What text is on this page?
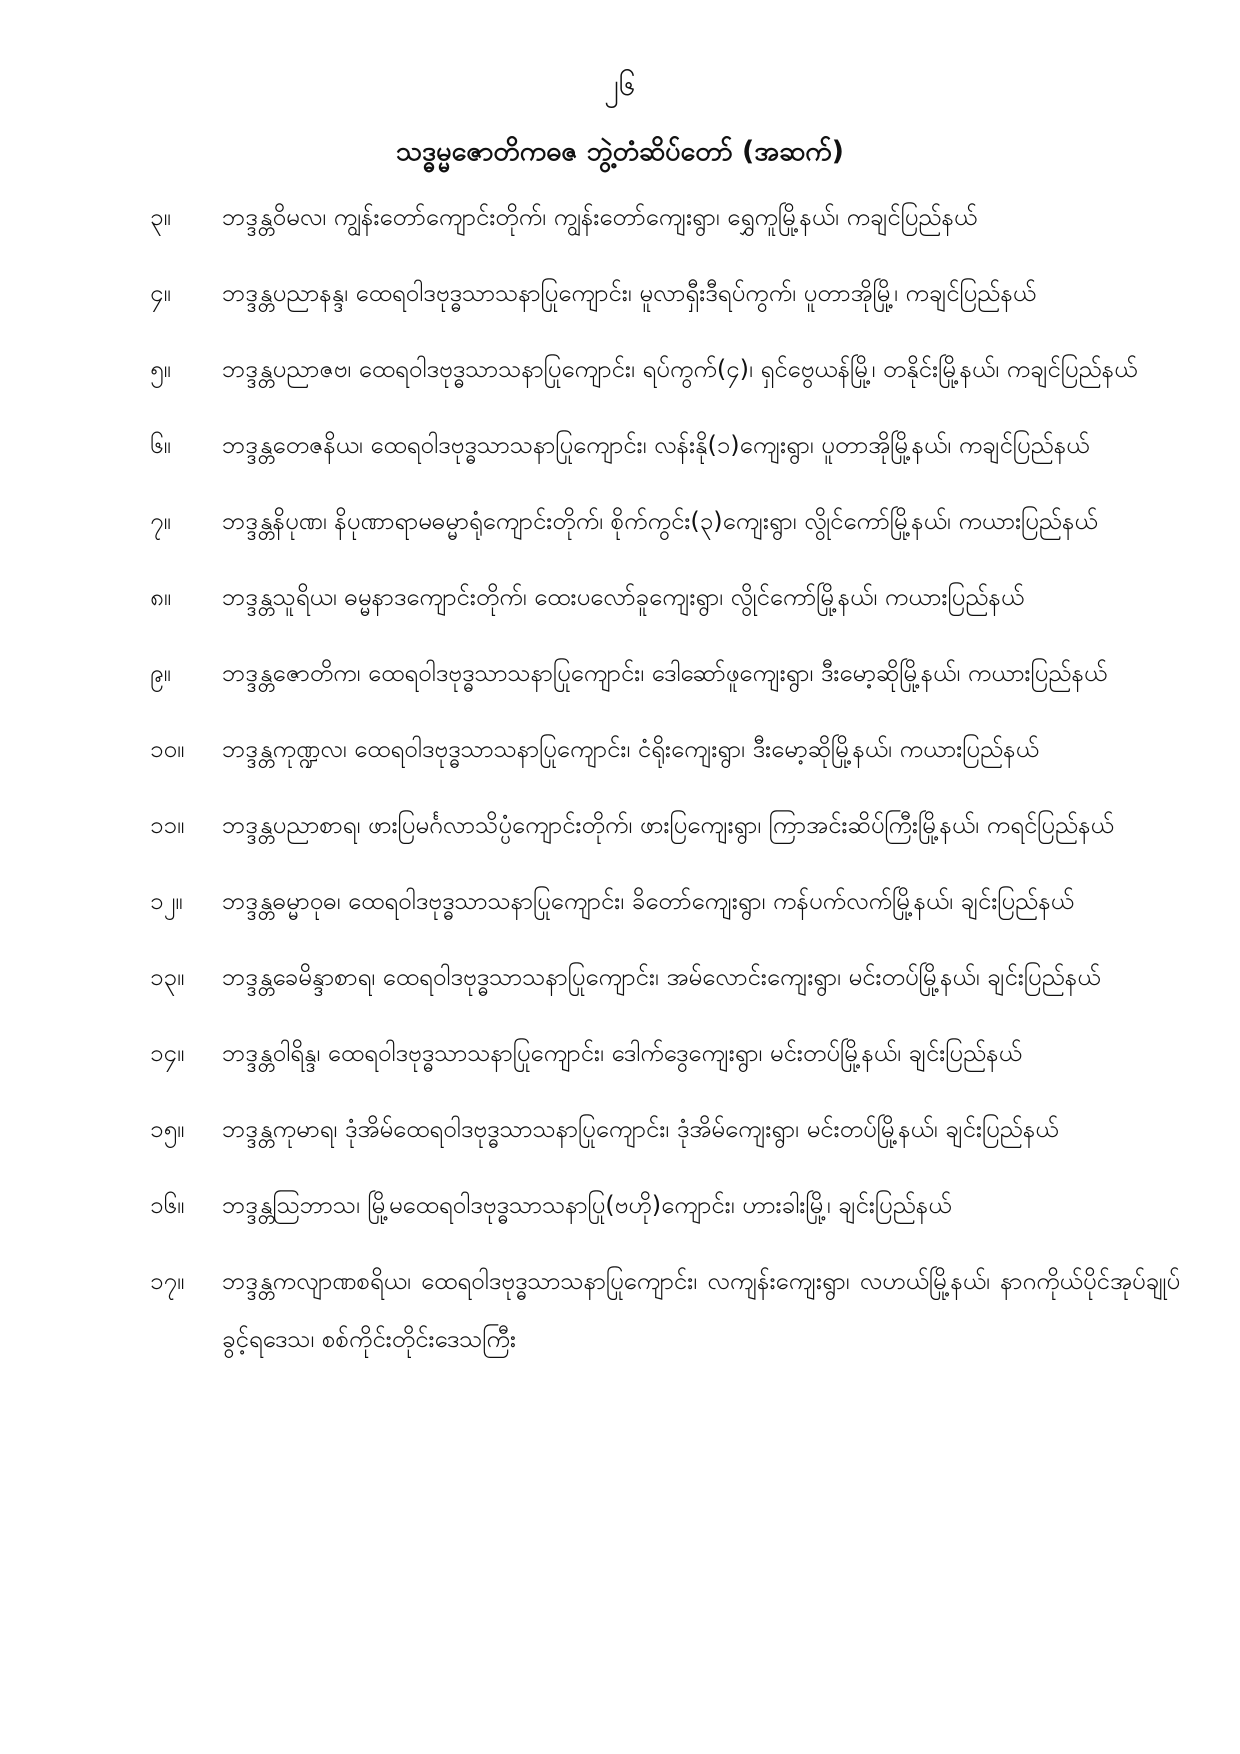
၂၆
သဒ္ဓမ္မဇောတိကဓဇ ဘွဲ့တံဆိပ်တော် (အဆက်)
၃။	ဘဒ္ဒန္တဝိမလ၊ ကျွန်းတော်ကျောင်းတိုက်၊ ကျွန်းတော်ကျေးရွာ၊ ရွှေကူမြို့နယ်၊ ကချင်ပြည်နယ်
၄။	ဘဒ္ဒန္တပညာနန္ဒ၊ ထေရဝါဒဗုဒ္ဓသာသနာပြုကျောင်း၊ မူလာရှီးဒီရပ်ကွက်၊ ပူတာအိုမြို့၊ ကချင်ပြည်နယ်
၅။	ဘဒ္ဒန္တပညာဇဗ၊ ထေရဝါဒဗုဒ္ဓသာသနာပြုကျောင်း၊ ရပ်ကွက်(၄)၊ ရှင်ဗွေယန်မြို့၊ တနိုင်းမြို့နယ်၊ ကချင်ပြည်နယ်
၆။	ဘဒ္ဒန္တတေဇနိယ၊ ထေရဝါဒဗုဒ္ဓသာသနာပြုကျောင်း၊ လန်းနို(၁)ကျေးရွာ၊ ပူတာအိုမြို့နယ်၊ ကချင်ပြည်နယ်
၇။	ဘဒ္ဒန္တနိပုဏ၊ နိပုဏာရာမဓမ္မာရုံကျောင်းတိုက်၊ စိုက်ကွင်း(၃)ကျေးရွာ၊ လွိုင်ကော်မြို့နယ်၊ ကယားပြည်နယ်
၈။	ဘဒ္ဒန္တသူရိယ၊ ဓမ္မနာဒကျောင်းတိုက်၊ ထေးပလော်ခူကျေးရွာ၊ လွိုင်ကော်မြို့နယ်၊ ကယားပြည်နယ်
၉။	ဘဒ္ဒန္တဇောတိက၊ ထေရဝါဒဗုဒ္ဓသာသနာပြုကျောင်း၊ ဒေါဆော်ဖူကျေးရွာ၊ ဒီးမော့ဆိုမြို့နယ်၊ ကယားပြည်နယ်
၁၀။	ဘဒ္ဒန္တကုဏ္ဍလ၊ ထေရဝါဒဗုဒ္ဓသာသနာပြုကျောင်း၊ ငံရိုးကျေးရွာ၊ ဒီးမော့ဆိုမြို့နယ်၊ ကယားပြည်နယ်
၁၁။	ဘဒ္ဒန္တပညာစာရ၊ ဖားပြမင်္ဂလာသိပ္ပံကျောင်းတိုက်၊ ဖားပြကျေးရွာ၊ ကြာအင်းဆိပ်ကြီးမြို့နယ်၊ ကရင်ပြည်နယ်
၁၂။	ဘဒ္ဒန္တဓမ္မာဝုဓ၊ ထေရဝါဒဗုဒ္ဓသာသနာပြုကျောင်း၊ ခိတော်ကျေးရွာ၊ ကန်ပက်လက်မြို့နယ်၊ ချင်းပြည်နယ်
၁၃။	ဘဒ္ဒန္တခေမိန္ဒာစာရ၊ ထေရဝါဒဗုဒ္ဓသာသနာပြုကျောင်း၊ အမ်လောင်းကျေးရွာ၊ မင်းတပ်မြို့နယ်၊ ချင်းပြည်နယ်
၁၄။	ဘဒ္ဒန္တဝါရိန္ဒ၊ ထေရဝါဒဗုဒ္ဓသာသနာပြုကျောင်း၊ ဒေါက်ဒွေကျေးရွာ၊ မင်းတပ်မြို့နယ်၊ ချင်းပြည်နယ်
၁၅။	ဘဒ္ဒန္တကုမာရ၊ ဒုံအိမ်ထေရဝါဒဗုဒ္ဓသာသနာပြုကျောင်း၊ ဒုံအိမ်ကျေးရွာ၊ မင်းတပ်မြို့နယ်၊ ချင်းပြည်နယ်
၁၆။	ဘဒ္ဒန္တသြဘာသ၊ မြို့မထေရဝါဒဗုဒ္ဓသာသနာပြု(ဗဟို)ကျောင်း၊ ဟားခါးမြို့၊ ချင်းပြည်နယ်
၁၇။	ဘဒ္ဒန္တကလျာဏစရိယ၊ ထေရဝါဒဗုဒ္ဓသာသနာပြုကျောင်း၊ လကျန်းကျေးရွာ၊ လဟယ်မြို့နယ်၊ နာဂကိုယ်ပိုင်အုပ်ချုပ်ခွင့်ရဒေသ၊ စစ်ကိုင်းတိုင်းဒေသကြီး
